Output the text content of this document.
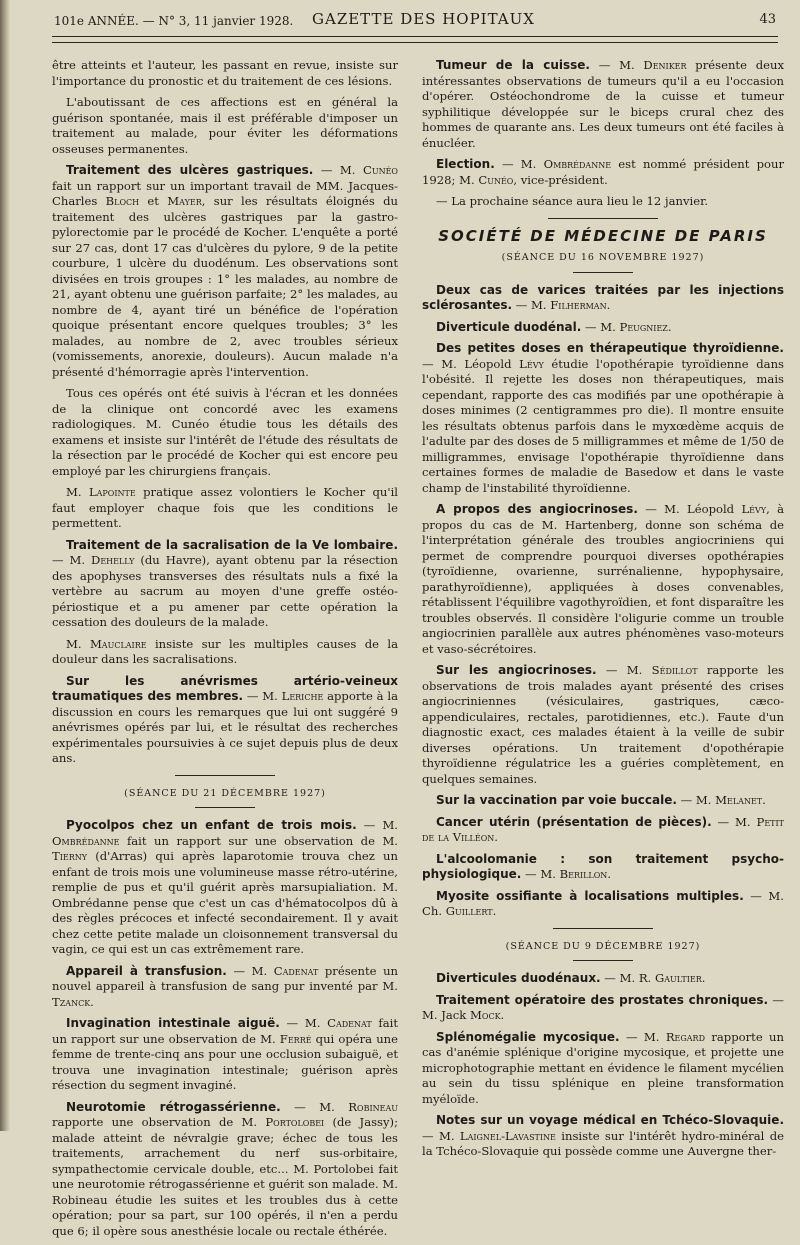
101e ANNÉE. — N° 3, 11 janvier 1928. GAZETTE DES HOPITAUX	43

être atteints et l'auteur, les passant en revue, insiste sur l'importance du pronostic et du traitement de ces lésions.

L'aboutissant de ces affections est en général la guérison spontanée, mais il est préférable d'imposer un traitement au malade, pour éviter les déformations osseuses permanentes.

Traitement des ulcères gastriques. — M. Cunéo fait un rapport sur un important travail de MM. Jacques-Charles Bloch et Mayer, sur les résultats éloignés du traitement des ulcères gastriques par la gastro-pylorectomie par le procédé de Kocher. L'enquête a porté sur 27 cas, dont 17 cas d'ulcères du pylore, 9 de la petite courbure, 1 ulcère du duodénum. Les observations sont divisées en trois groupes : 1° les malades, au nombre de 21, ayant obtenu une guérison parfaite; 2° les malades, au nombre de 4, ayant tiré un bénéfice de l'opération quoique présentant encore quelques troubles; 3° les malades, au nombre de 2, avec troubles sérieux (vomissements, anorexie, douleurs). Aucun malade n'a présenté d'hémorragie après l'intervention.

Tous ces opérés ont été suivis à l'écran et les données de la clinique ont concordé avec les examens radiologiques. M. Cunéo étudie tous les détails des examens et insiste sur l'intérêt de l'étude des résultats de la résection par le procédé de Kocher qui est encore peu employé par les chirurgiens français.

M. Lapointe pratique assez volontiers le Kocher qu'il faut employer chaque fois que les conditions le permettent.

Traitement de la sacralisation de la Ve lombaire. — M. Dehelly (du Havre), ayant obtenu par la résection des apophyses transverses des résultats nuls a fixé la vertèbre au sacrum au moyen d'une greffe ostéo-périostique et a pu amener par cette opération la cessation des douleurs de la malade.

M. Mauclaire insiste sur les multiples causes de la douleur dans les sacralisations.

Sur les anévrismes artério-veineux traumatiques des membres. — M. Leriche apporte à la discussion en cours les remarques que lui ont suggéré 9 anévrismes opérés par lui, et le résultat des recherches expérimentales poursuivies à ce sujet depuis plus de deux ans.

(SÉANCE DU 21 DÉCEMBRE 1927)

Pyocolpos chez un enfant de trois mois. — M. Ombrédanne fait un rapport sur une observation de M. Tierny (d'Arras) qui après laparotomie trouva chez un enfant de trois mois une volumineuse masse rétro-utérine, remplie de pus et qu'il guérit après marsupialiation. M. Ombrédanne pense que c'est un cas d'hématocolpos dû à des règles précoces et infecté secondairement. Il y avait chez cette petite malade un cloisonnement transversal du vagin, ce qui est un cas extrêmement rare.

Appareil à transfusion. — M. Cadenat présente un nouvel appareil à transfusion de sang pur inventé par M. Tzanck.

Invagination intestinale aiguë. — M. Cadenat fait un rapport sur une observation de M. Ferré qui opéra une femme de trente-cinq ans pour une occlusion subaiguë, et trouva une invagination intestinale; guérison après résection du segment invaginé.

Neurotomie rétrogassérienne. — M. Robineau rapporte une observation de M. Portolobei (de Jassy); malade atteint de névralgie grave; échec de tous les traitements, arrachement du nerf sus-orbitaire, sympathectomie cervicale double, etc... M. Portolobei fait une neurotomie rétrogassérienne et guérit son malade. M. Robineau étudie les suites et les troubles dus à cette opération; pour sa part, sur 100 opérés, il n'en a perdu que 6; il opère sous anesthésie locale ou rectale éthérée.

Tumeur de la cuisse. — M. Deniker présente deux intéressantes observations de tumeurs qu'il a eu l'occasion d'opérer. Ostéochondrome de la cuisse et tumeur syphilitique développée sur le biceps crural chez des hommes de quarante ans. Les deux tumeurs ont été faciles à énucléer.

Election. — M. Ombrédanne est nommé président pour 1928; M. Cunéo, vice-président.

— La prochaine séance aura lieu le 12 janvier.

SOCIÉTÉ DE MÉDECINE DE PARIS

(SÉANCE DU 16 NOVEMBRE 1927)

Deux cas de varices traitées par les injections sclérosantes. — M. Filherman.

Diverticule duodénal. — M. Peugniez.

Des petites doses en thérapeutique thyroïdienne. — M. Léopold Lévy étudie l'opothérapie tyroïdienne dans l'obésité. Il rejette les doses non thérapeutiques, mais cependant, rapporte des cas modifiés par une opothérapie à doses minimes (2 centigrammes pro die). Il montre ensuite les résultats obtenus parfois dans le myxœdème acquis de l'adulte par des doses de 5 milligrammes et même de 1/50 de milligrammes, envisage l'opothérapie thyroïdienne dans certaines formes de maladie de Basedow et dans le vaste champ de l'instabilité thyroïdienne.

A propos des angiocrinoses. — M. Léopold Lévy, à propos du cas de M. Hartenberg, donne son schéma de l'interprétation générale des troubles angiocriniens qui permet de comprendre pourquoi diverses opothérapies (tyroïdienne, ovarienne, surrénalienne, hypophysaire, parathyroïdienne), appliquées à doses convenables, rétablissent l'équilibre vagothyroïdien, et font disparaître les troubles observés. Il considère l'oligurie comme un trouble angiocrinien parallèle aux autres phénomènes vaso-moteurs et vaso-sécrétoires.

Sur les angiocrinoses. — M. Sédillot rapporte les observations de trois malades ayant présenté des crises angiocriniennes (vésiculaires, gastriques, cæco-appendiculaires, rectales, parotidiennes, etc.). Faute d'un diagnostic exact, ces malades étaient à la veille de subir diverses opérations. Un traitement d'opothérapie thyroïdienne régulatrice les a guéries complètement, en quelques semaines.

Sur la vaccination par voie buccale. — M. Melanet.

Cancer utérin (présentation de pièces). — M. Petit de la Villéon.

L'alcoolomanie : son traitement psycho-physiologique. — M. Berillon.

Myosite ossifiante à localisations multiples. — M. Ch. Guillert.

(SÉANCE DU 9 DÉCEMBRE 1927)

Diverticules duodénaux. — M. R. Gaultier.

Traitement opératoire des prostates chroniques. — M. Jack Mock.

Splénomégalie mycosique. — M. Regard rapporte un cas d'anémie splénique d'origine mycosique, et projette une microphotographie mettant en évidence le filament mycélien au sein du tissu splénique en pleine transformation myéloïde.

Notes sur un voyage médical en Tchéco-Slovaquie. — M. Laignel-Lavastine insiste sur l'intérêt hydro-minéral de la Tchéco-Slovaquie qui possède comme une Auvergne ther-
